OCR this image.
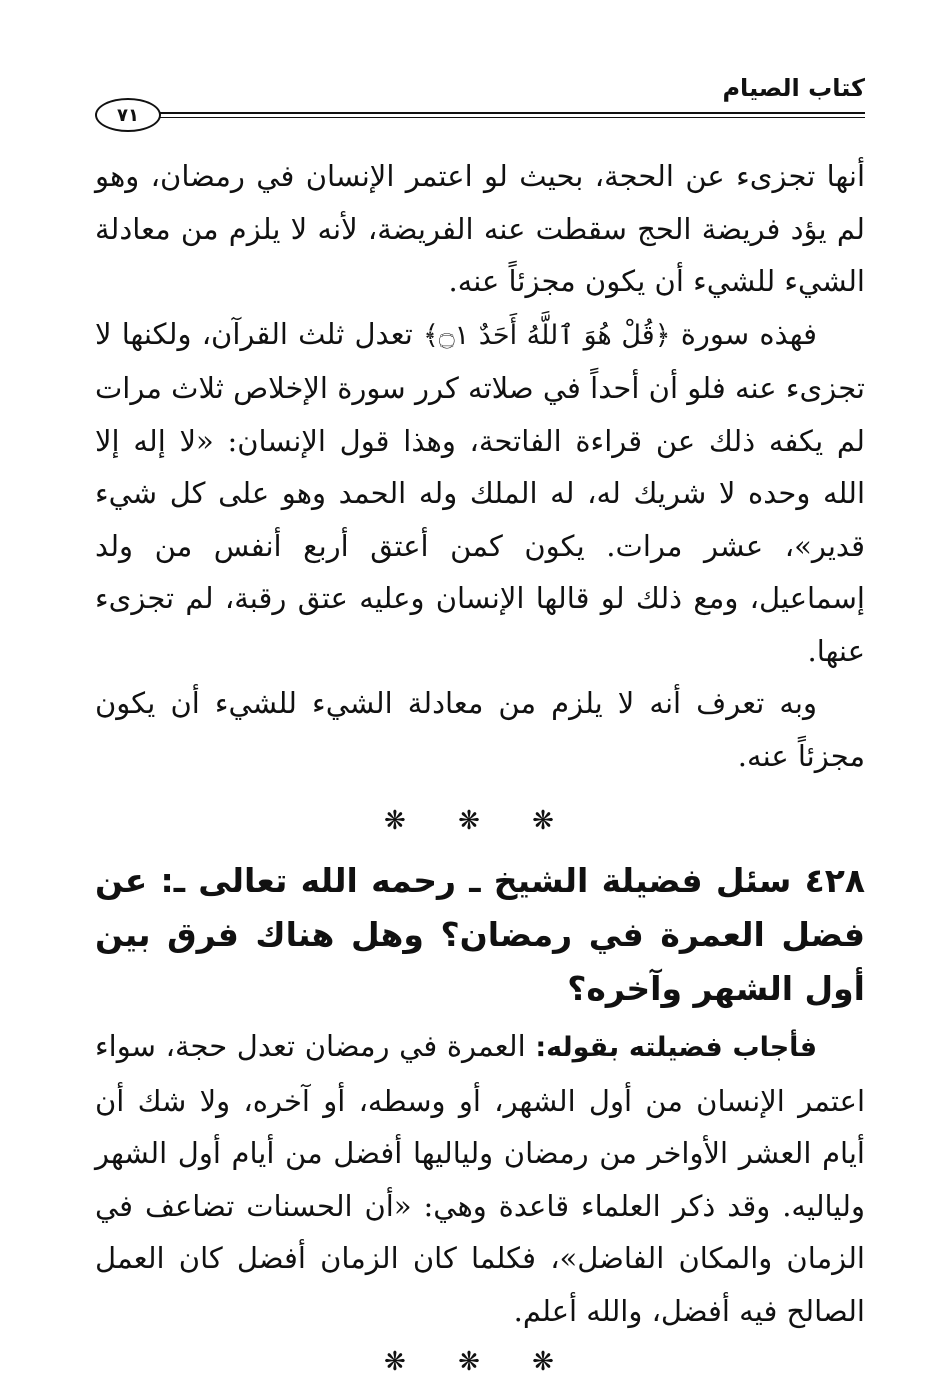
كتاب الصيام
٧١

أنها تجزىء عن الحجة، بحيث لو اعتمر الإنسان في رمضان، وهو لم يؤد فريضة الحج سقطت عنه الفريضة، لأنه لا يلزم من معادلة الشيء للشيء أن يكون مجزئاً عنه.

فهذه سورة ﴿قُلْ هُوَ ٱللَّهُ أَحَدٌ ۝١﴾ تعدل ثلث القرآن، ولكنها لا تجزىء عنه فلو أن أحداً في صلاته كرر سورة الإخلاص ثلاث مرات لم يكفه ذلك عن قراءة الفاتحة، وهذا قول الإنسان: «لا إله إلا الله وحده لا شريك له، له الملك وله الحمد وهو على كل شيء قدير»، عشر مرات. يكون كمن أعتق أربع أنفس من ولد إسماعيل، ومع ذلك لو قالها الإنسان وعليه عتق رقبة، لم تجزىء عنها.

وبه تعرف أنه لا يلزم من معادلة الشيء للشيء أن يكون مجزئاً عنه.

❋ ❋ ❋

٤٢٨ سئل فضيلة الشيخ ـ رحمه الله تعالى ـ: عن فضل العمرة في رمضان؟ وهل هناك فرق بين أول الشهر وآخره؟

فأجاب فضيلته بقوله: العمرة في رمضان تعدل حجة، سواء اعتمر الإنسان من أول الشهر، أو وسطه، أو آخره، ولا شك أن أيام العشر الأواخر من رمضان ولياليها أفضل من أيام أول الشهر ولياليه. وقد ذكر العلماء قاعدة وهي: «أن الحسنات تضاعف في الزمان والمكان الفاضل»، فكلما كان الزمان أفضل كان العمل الصالح فيه أفضل، والله أعلم.

❋ ❋ ❋
